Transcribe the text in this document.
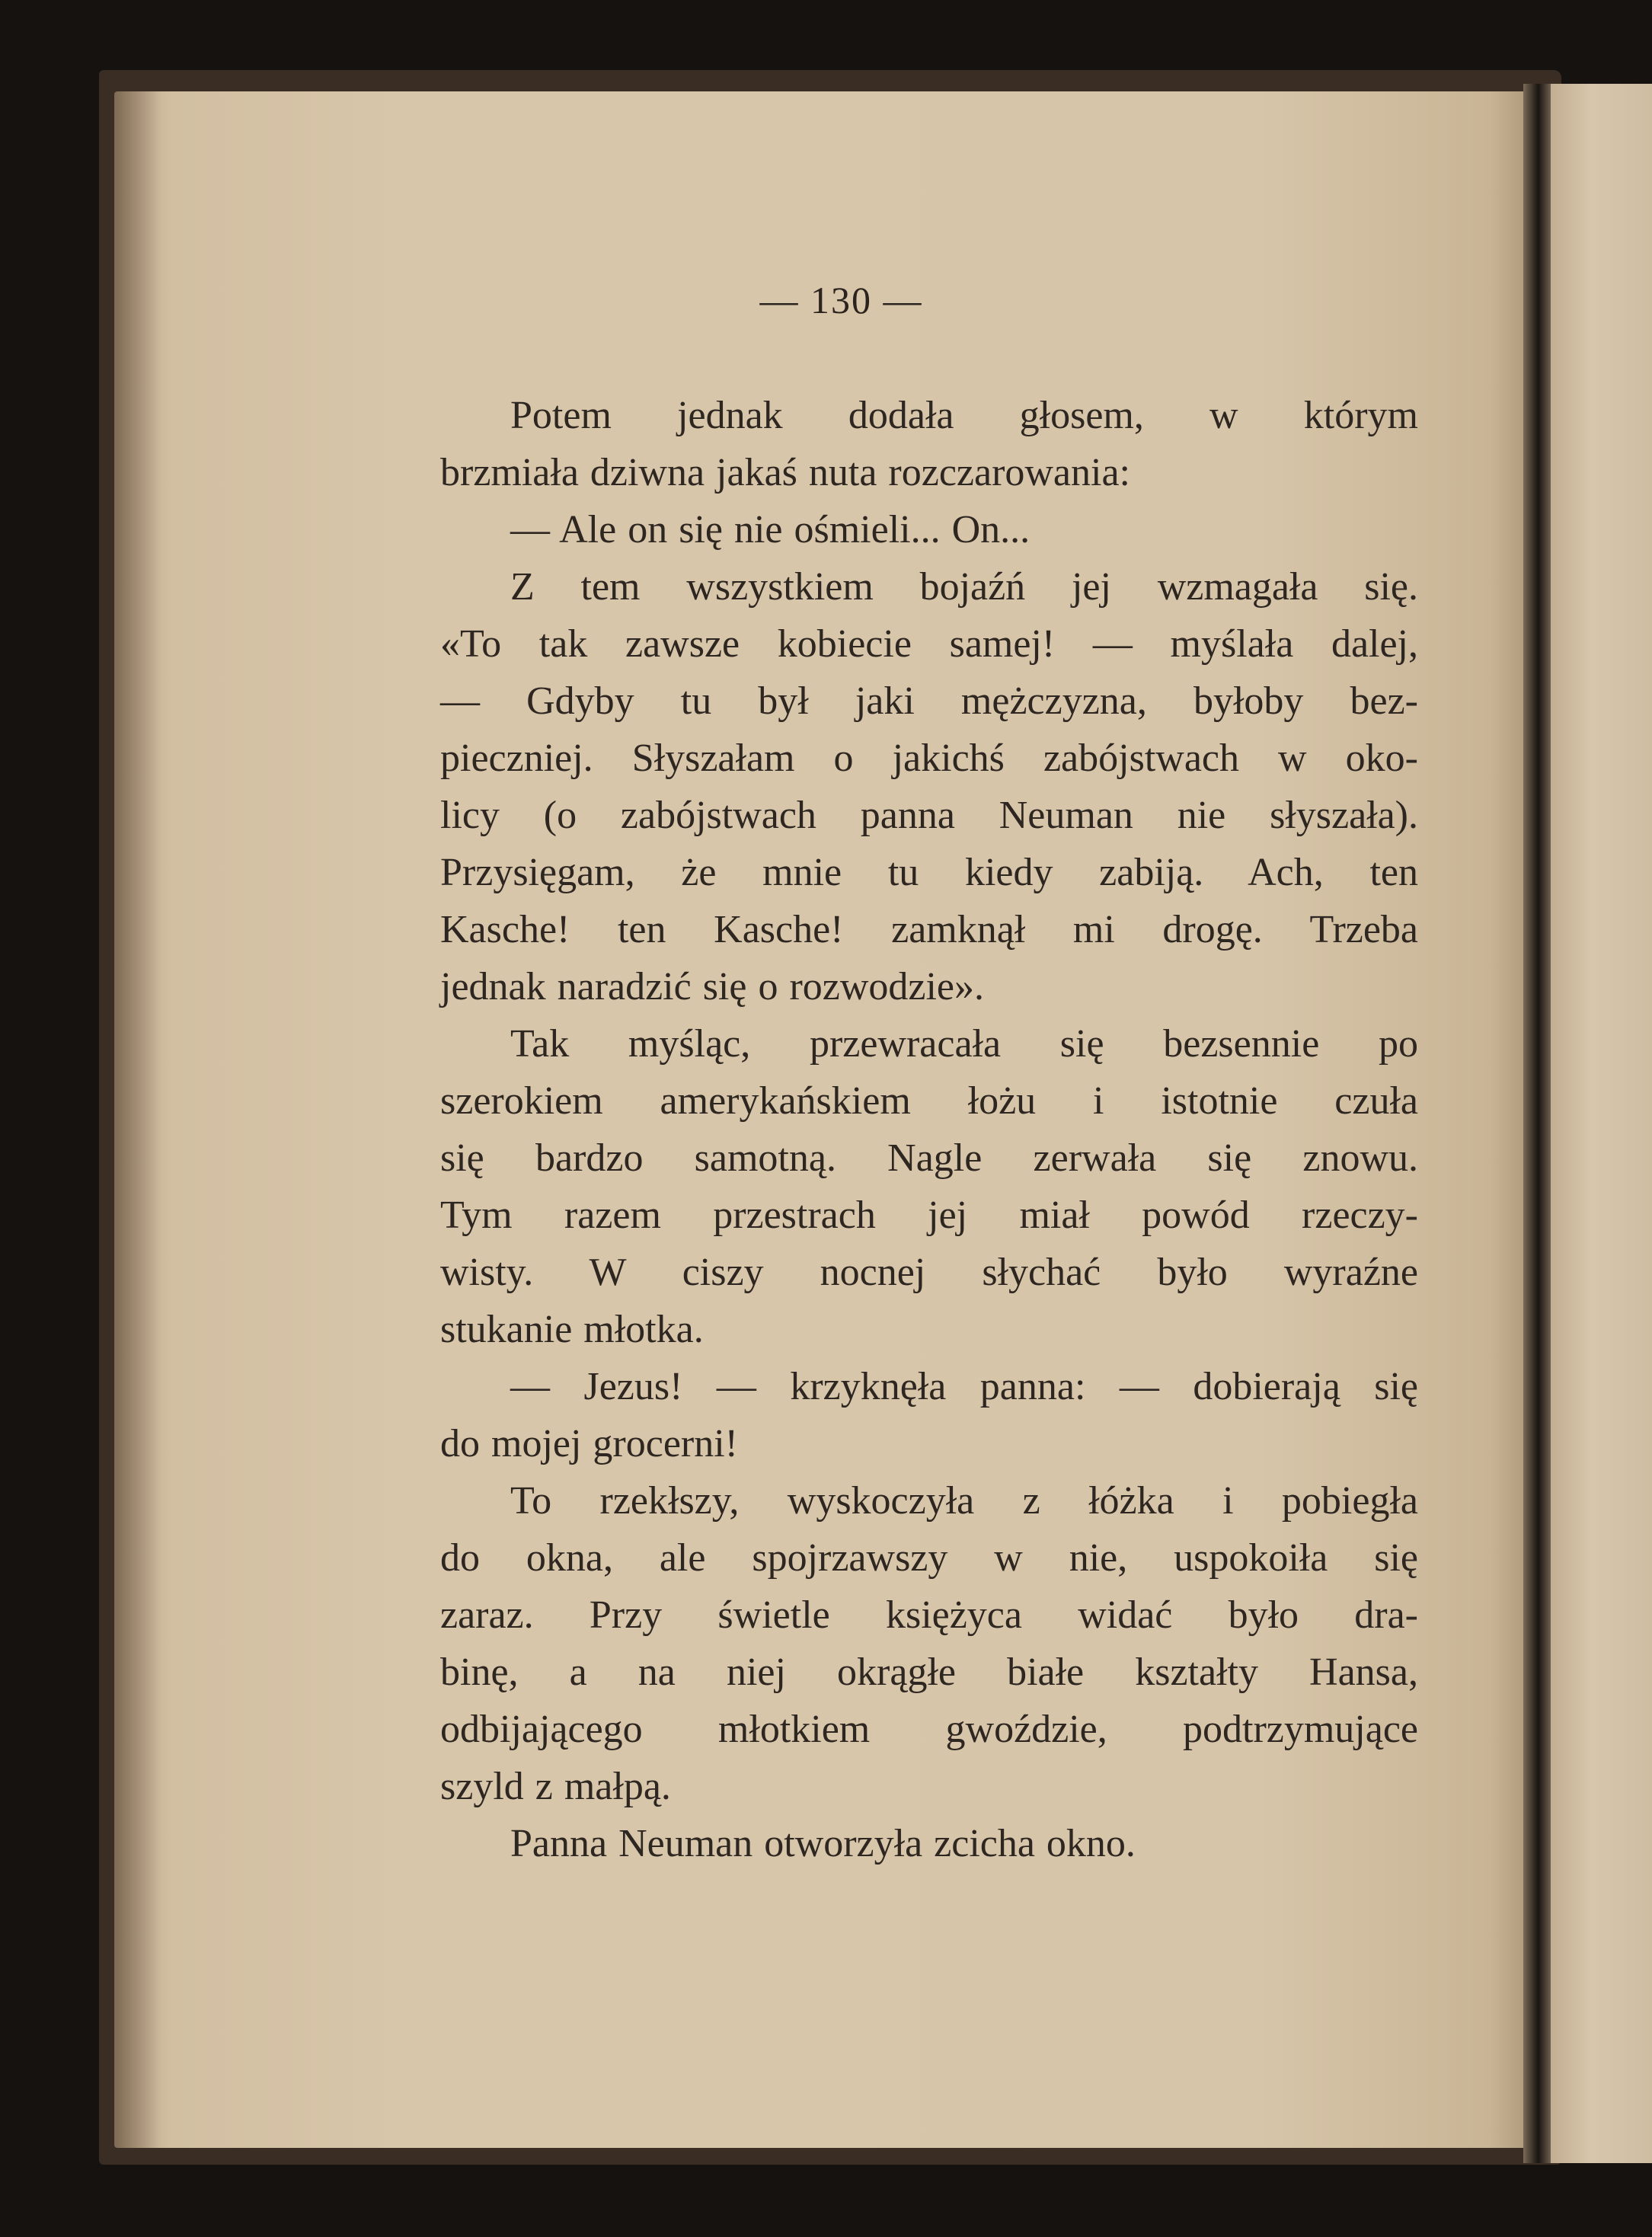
— 130 —
Potem jednak dodała głosem, w którym
brzmiała dziwna jakaś nuta rozczarowania:
— Ale on się nie ośmieli... On...
Z tem wszystkiem bojaźń jej wzmagała się.
«To tak zawsze kobiecie samej! — myślała dalej,
— Gdyby tu był jaki mężczyzna, byłoby bez-
pieczniej. Słyszałam o jakichś zabójstwach w oko-
licy (o zabójstwach panna Neuman nie słyszała).
Przysięgam, że mnie tu kiedy zabiją. Ach, ten
Kasche! ten Kasche! zamknął mi drogę. Trzeba
jednak naradzić się o rozwodzie».
Tak myśląc, przewracała się bezsennie po
szerokiem amerykańskiem łożu i istotnie czuła
się bardzo samotną. Nagle zerwała się znowu.
Tym razem przestrach jej miał powód rzeczy-
wisty. W ciszy nocnej słychać było wyraźne
stukanie młotka.
— Jezus! — krzyknęła panna: — dobierają się
do mojej grocerni!
To rzekłszy, wyskoczyła z łóżka i pobiegła
do okna, ale spojrzawszy w nie, uspokoiła się
zaraz. Przy świetle księżyca widać było dra-
binę, a na niej okrągłe białe kształty Hansa,
odbijającego młotkiem gwoździe, podtrzymujące
szyld z małpą.
Panna Neuman otworzyła zcicha okno.
